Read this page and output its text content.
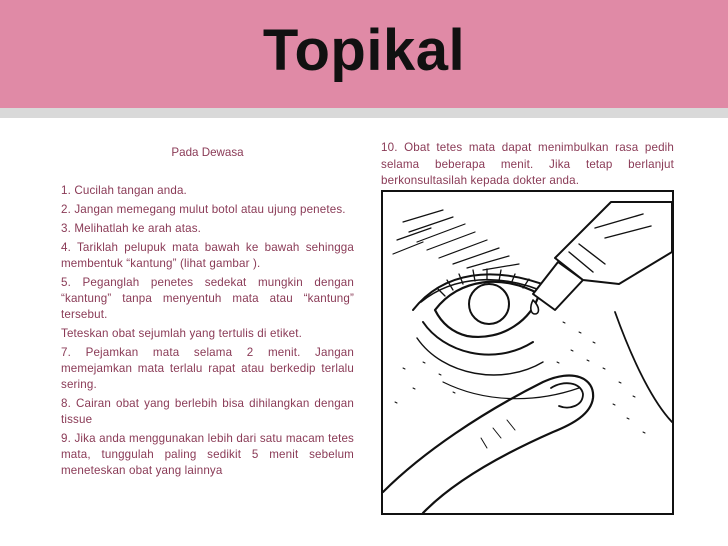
Topikal
Pada Dewasa

1. Cucilah tangan anda.

2. Jangan memegang mulut botol atau ujung penetes.

3. Melihatlah ke arah atas.

4. Tariklah pelupuk mata bawah ke bawah sehingga membentuk “kantung” (lihat gambar ).

5. Peganglah penetes sedekat mungkin dengan “kantung” tanpa menyentuh mata atau “kantung” tersebut.

Teteskan obat sejumlah yang tertulis di etiket.

7. Pejamkan mata selama 2 menit. Jangan memejamkan mata terlalu rapat atau berkedip terlalu sering.

8. Cairan obat yang berlebih bisa dihilangkan dengan tissue

9. Jika anda menggunakan lebih dari satu macam tetes mata, tunggulah paling sedikit 5 menit sebelum meneteskan obat yang lainnya

10. Obat tetes mata dapat menimbulkan rasa pedih selama beberapa menit. Jika tetap berlanjut berkonsultasilah kepada dokter anda.
